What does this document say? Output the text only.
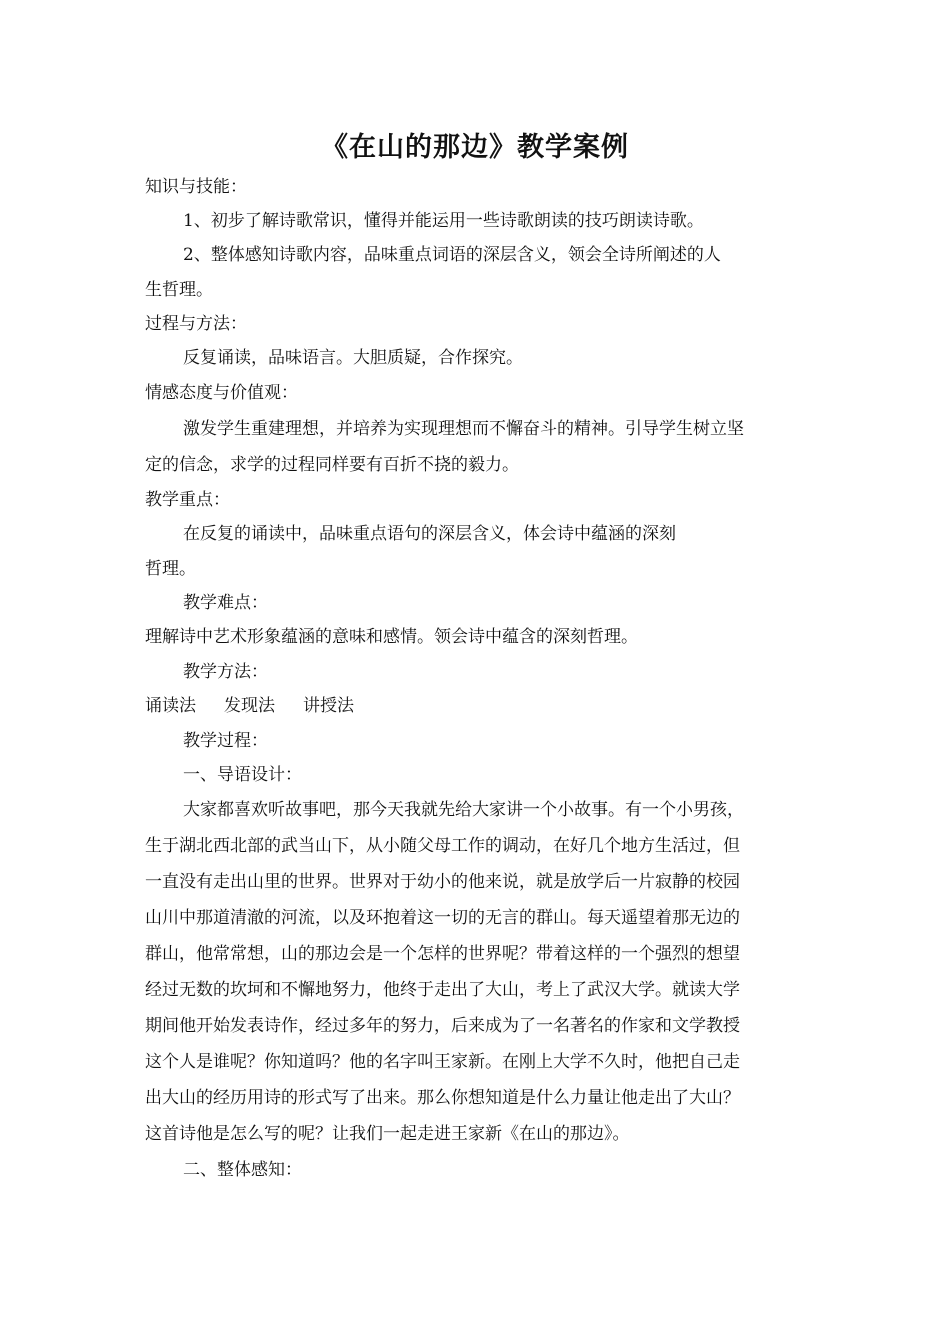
《在山的那边》教学案例
知识与技能：
1、初步了解诗歌常识，懂得并能运用一些诗歌朗读的技巧朗读诗歌。
2、整体感知诗歌内容，品味重点词语的深层含义，领会全诗所阐述的人
生哲理。
过程与方法：
反复诵读，品味语言。大胆质疑，合作探究。
情感态度与价值观：
激发学生重建理想，并培养为实现理想而不懈奋斗的精神。引导学生树立坚
定的信念，求学的过程同样要有百折不挠的毅力。
教学重点：
在反复的诵读中，品味重点语句的深层含义，体会诗中蕴涵的深刻
哲理。
教学难点：
理解诗中艺术形象蕴涵的意味和感情。领会诗中蕴含的深刻哲理。
教学方法：
诵读法 发现法 讲授法
教学过程：
一、导语设计：
大家都喜欢听故事吧，那今天我就先给大家讲一个小故事。有一个小男孩，
生于湖北西北部的武当山下，从小随父母工作的调动，在好几个地方生活过，但
一直没有走出山里的世界。世界对于幼小的他来说，就是放学后一片寂静的校园
山川中那道清澈的河流，以及环抱着这一切的无言的群山。每天遥望着那无边的
群山，他常常想，山的那边会是一个怎样的世界呢？带着这样的一个强烈的想望
经过无数的坎坷和不懈地努力，他终于走出了大山，考上了武汉大学。就读大学
期间他开始发表诗作，经过多年的努力，后来成为了一名著名的作家和文学教授
这个人是谁呢？你知道吗？他的名字叫王家新。在刚上大学不久时，他把自己走
出大山的经历用诗的形式写了出来。那么你想知道是什么力量让他走出了大山？
这首诗他是怎么写的呢？让我们一起走进王家新《在山的那边》。
二、整体感知：
